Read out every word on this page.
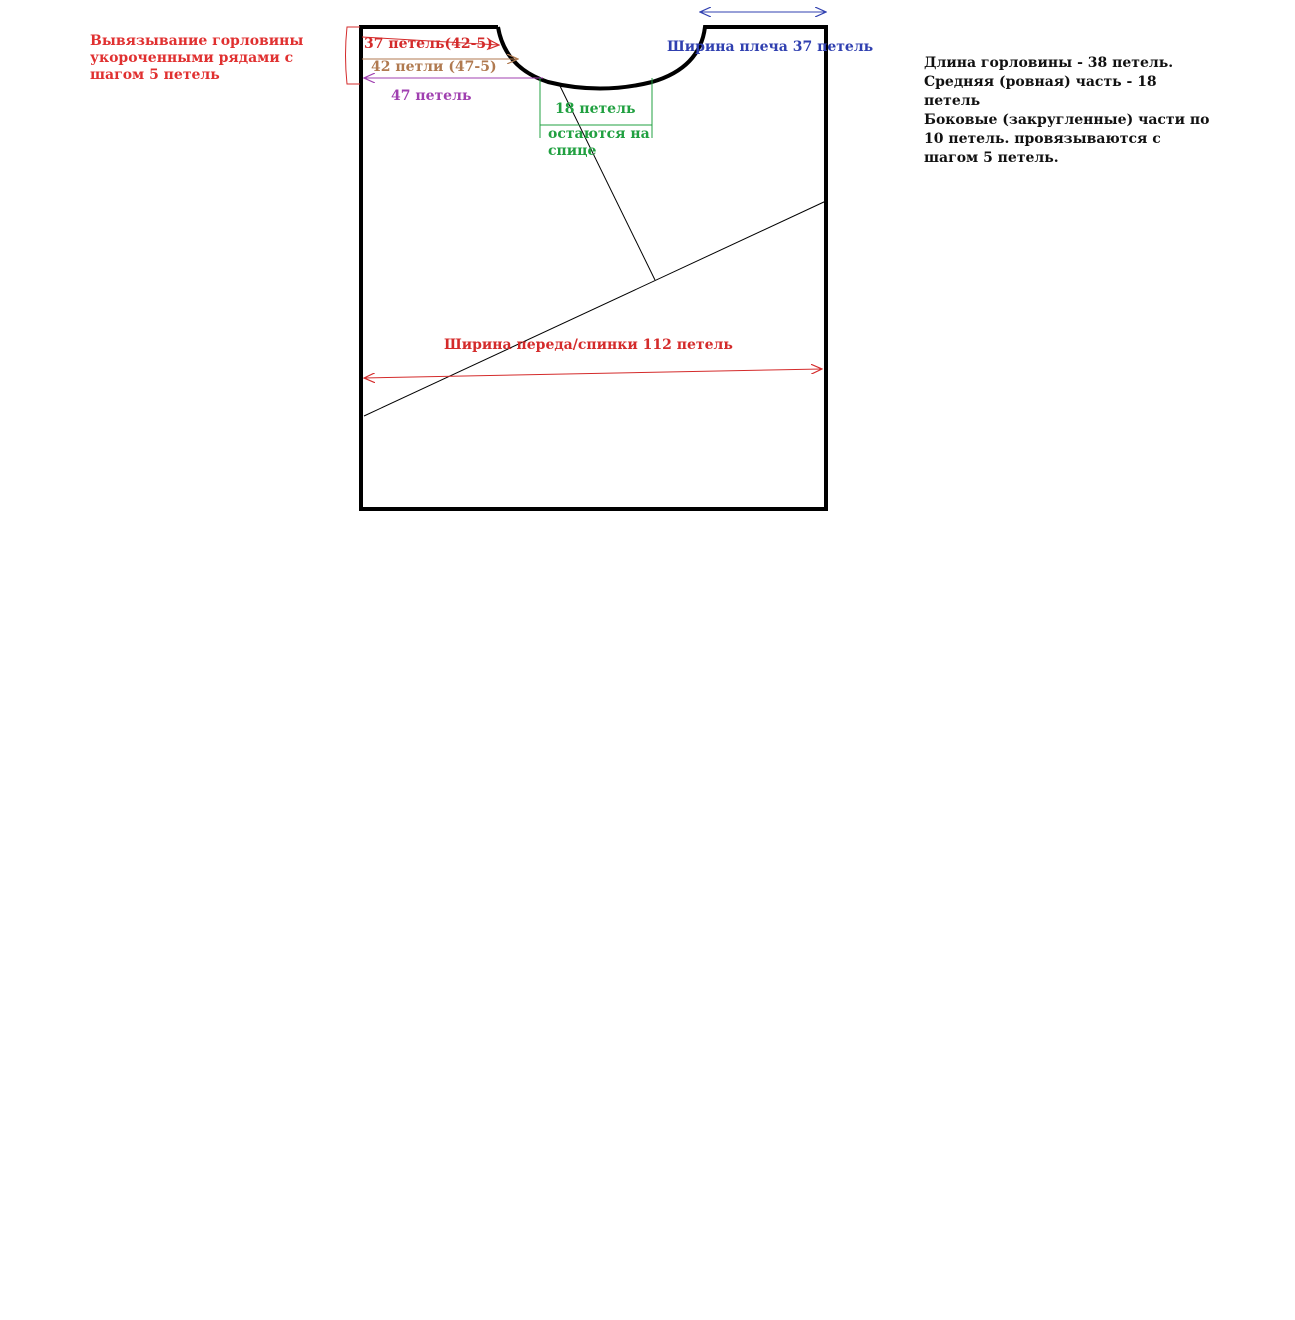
Вывязывание горловины укороченными рядами с шагом 5 петель

37 петель(42-5)

42 петли (47-5)

47 петель

18 петель

остаются на спице

Ширина плеча 37 петель

Ширина переда/спинки 112 петель

Длина горловины - 38 петель.
Средняя (ровная) часть - 18 петель
Боковые (закругленные) части по 10 петель. провязываются с шагом 5 петель.
